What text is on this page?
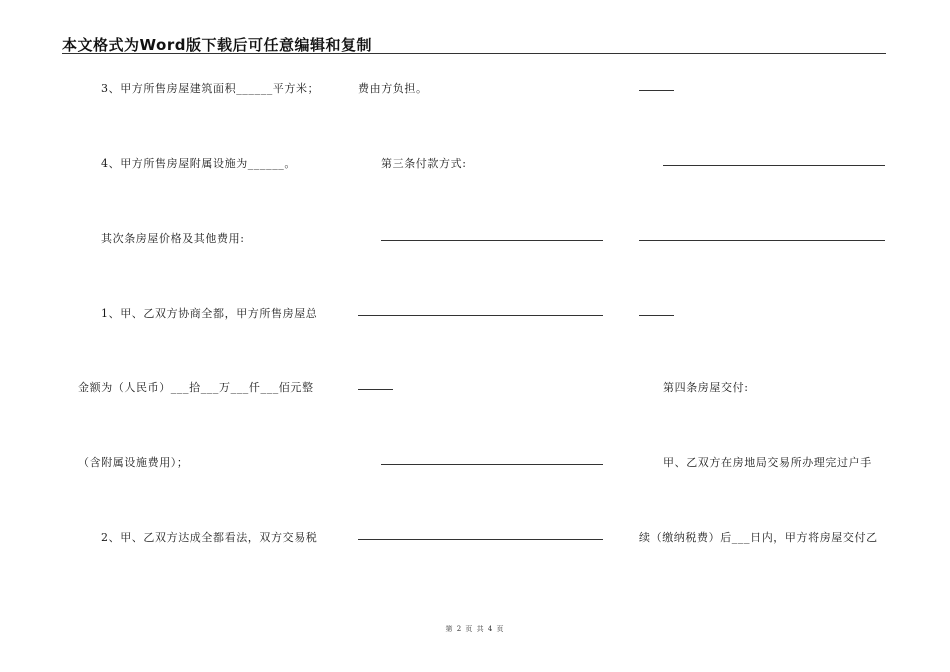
本文格式为Word版下载后可任意编辑和复制
3、甲方所售房屋建筑面积______平方米；
4、甲方所售房屋附属设施为______。
其次条房屋价格及其他费用:
1、甲、乙双方协商全都，甲方所售房屋总
金额为（人民币）___拾___万___仟___佰元整
（含附属设施费用）；
2、甲、乙双方达成全都看法，双方交易税
费由方负担。
第三条付款方式:
第四条房屋交付:
甲、乙双方在房地局交易所办理完过户手
续（缴纳税费）后___日内，甲方将房屋交付乙
第 2 页 共 4 页
